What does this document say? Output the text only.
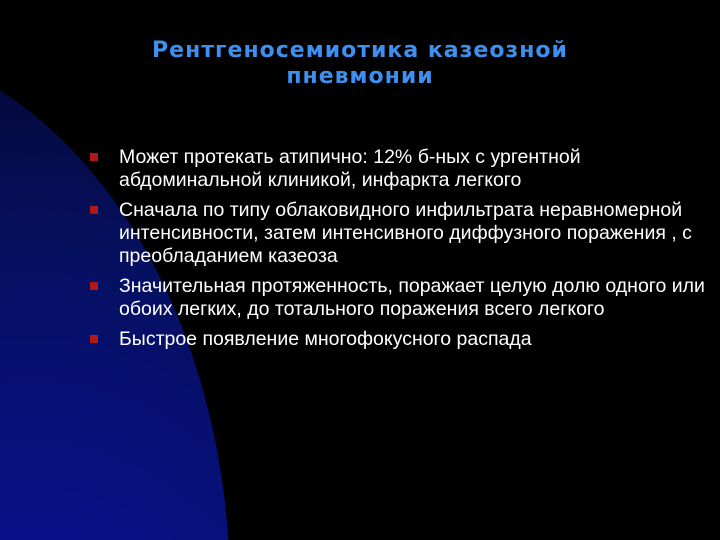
Рентгеносемиотика казеозной
пневмонии
Может протекать атипично: 12% б-ных с ургентной абдоминальной клиникой, инфаркта легкого
Сначала по типу облаковидного инфильтрата неравномерной интенсивности, затем интенсивного диффузного поражения , с преобладанием казеоза
Значительная протяженность, поражает целую долю одного или обоих легких, до тотального поражения всего легкого
Быстрое появление многофокусного распада
